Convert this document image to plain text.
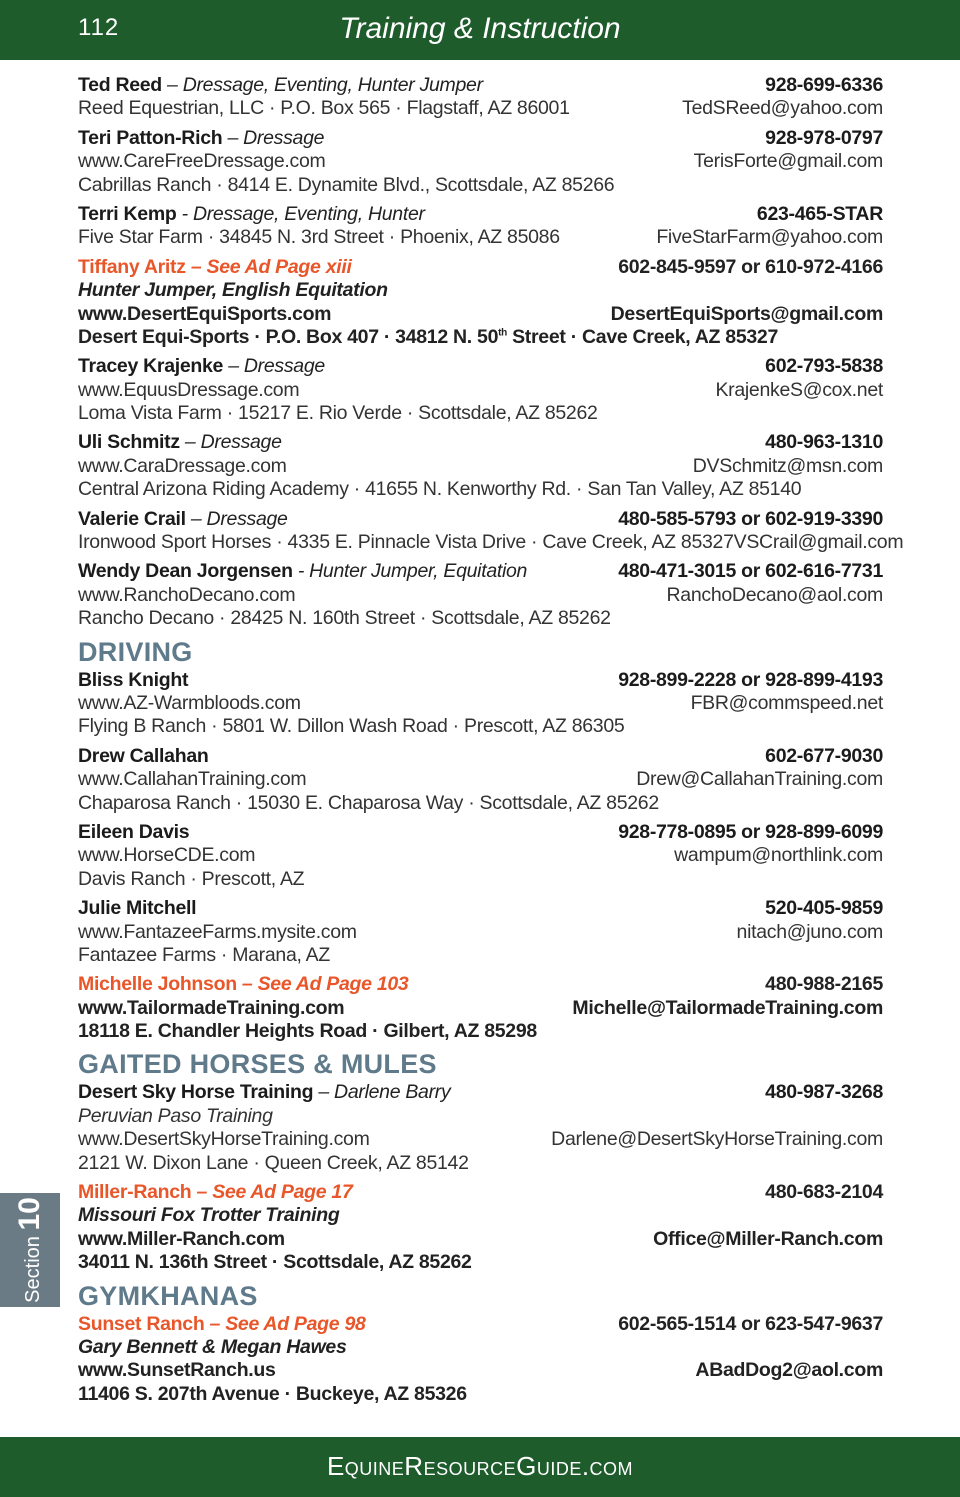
112	Training & Instruction
Ted Reed – Dressage, Eventing, Hunter Jumper	928-699-6336
Reed Equestrian, LLC · P.O. Box 565 · Flagstaff, AZ 86001	TedSReed@yahoo.com
Teri Patton-Rich – Dressage	928-978-0797
www.CareFreeDressage.com	TerisForte@gmail.com
Cabrillas Ranch · 8414 E. Dynamite Blvd., Scottsdale, AZ 85266
Terri Kemp - Dressage, Eventing, Hunter	623-465-STAR
Five Star Farm · 34845 N. 3rd Street · Phoenix, AZ 85086	FiveStarFarm@yahoo.com
Tiffany Aritz – See Ad Page xiii	602-845-9597 or 610-972-4166
Hunter Jumper, English Equitation
www.DesertEquiSports.com	DesertEquiSports@gmail.com
Desert Equi-Sports · P.O. Box 407 · 34812 N. 50th Street · Cave Creek, AZ 85327
Tracey Krajenke – Dressage	602-793-5838
www.EquusDressage.com	KrajenkeS@cox.net
Loma Vista Farm · 15217 E. Rio Verde · Scottsdale, AZ 85262
Uli Schmitz – Dressage	480-963-1310
www.CaraDressage.com	DVSchmitz@msn.com
Central Arizona Riding Academy · 41655 N. Kenworthy Rd. · San Tan Valley, AZ 85140
Valerie Crail – Dressage	480-585-5793 or 602-919-3390
Ironwood Sport Horses · 4335 E. Pinnacle Vista Drive · Cave Creek, AZ 85327 VSCrail@gmail.com
Wendy Dean Jorgensen - Hunter Jumper, Equitation	480-471-3015 or 602-616-7731
www.RanchoDecano.com	RanchoDecano@aol.com
Rancho Decano · 28425 N. 160th Street · Scottsdale, AZ 85262
DRIVING
Bliss Knight	928-899-2228 or 928-899-4193
www.AZ-Warmbloods.com	FBR@commspeed.net
Flying B Ranch · 5801 W. Dillon Wash Road · Prescott, AZ 86305
Drew Callahan	602-677-9030
www.CallahanTraining.com	Drew@CallahanTraining.com
Chaparosa Ranch · 15030 E. Chaparosa Way · Scottsdale, AZ 85262
Eileen Davis	928-778-0895 or 928-899-6099
www.HorseCDE.com	wampum@northlink.com
Davis Ranch · Prescott, AZ
Julie Mitchell	520-405-9859
www.FantazeeFarms.mysite.com	nitach@juno.com
Fantazee Farms · Marana, AZ
Michelle Johnson – See Ad Page 103	480-988-2165
www.TailormadeTraining.com	Michelle@TailormadeTraining.com
18118 E. Chandler Heights Road · Gilbert, AZ 85298
GAITED HORSES & MULES
Desert Sky Horse Training – Darlene Barry	480-987-3268
Peruvian Paso Training
www.DesertSkyHorseTraining.com	Darlene@DesertSkyHorseTraining.com
2121 W. Dixon Lane · Queen Creek, AZ 85142
Miller-Ranch – See Ad Page 17	480-683-2104
Missouri Fox Trotter Training
www.Miller-Ranch.com	Office@Miller-Ranch.com
34011 N. 136th Street · Scottsdale, AZ 85262
GYMKHANAS
Sunset Ranch – See Ad Page 98	602-565-1514 or 623-547-9637
Gary Bennett & Megan Hawes
www.SunsetRanch.us	ABadDog2@aol.com
11406 S. 207th Avenue · Buckeye, AZ 85326
Section 10
EquineResourceGuide.com
